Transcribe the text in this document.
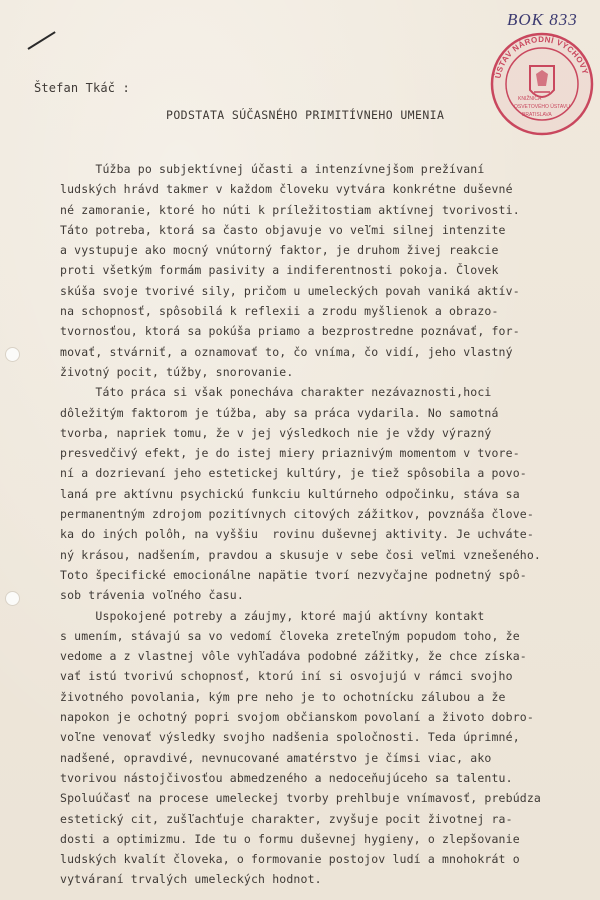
BOK 833
ÚSTAV NÁRODNÍ VÝCHOVY
KNIŽNICA
OSVETOVÉHO ÚSTAVU
BRATISLAVA
Štefan Tkáč :
PODSTATA SÚČASNÉHO PRIMITÍVNEHO UMENIA
Túžba po subjektívnej účasti a intenzívnejšom prežívaní
ludských hrávd takmer v každom človeku vytvára konkrétne duševné
né zamoranie, ktoré ho núti k príležitostiam aktívnej tvorivosti.
Táto potreba, ktorá sa často objavuje vo veľmi silnej intenzite
a vystupuje ako mocný vnútorný faktor, je druhom živej reakcie
proti všetkým formám pasivity a indiferentnosti pokoja. Človek
skúša svoje tvorivé sily, pričom u umeleckých povah vaniká aktív-
na schopnosť, spôsobilá k reflexii a zrodu myšlienok a obrazo-
tvornosťou, ktorá sa pokúša priamo a bezprostredne poznávať, for-
movať, stvárniť, a oznamovať to, čo vníma, čo vidí, jeho vlastný
životný pocit, túžby, snorovanie.
Táto práca si však ponecháva charakter nezávaznosti,hoci
dôležitým faktorom je túžba, aby sa práca vydarila. No samotná
tvorba, napriek tomu, že v jej výsledkoch nie je vždy výrazný
presvedčivý efekt, je do istej miery priaznivým momentom v tvore-
ní a dozrievaní jeho estetickej kultúry, je tiež spôsobila a povo-
laná pre aktívnu psychickú funkciu kultúrneho odpočinku, stáva sa
permanentným zdrojom pozitívnych citových zážitkov, povznáša člove-
ka do iných polôh, na vyššiu  rovinu duševnej aktivity. Je uchváte-
ný krásou, nadšením, pravdou a skusuje v sebe čosi veľmi vznešeného.
Toto špecifické emocionálne napätie tvorí nezvyčajne podnetný spô-
sob trávenia voľného času.
Uspokojené potreby a záujmy, ktoré majú aktívny kontakt
s umením, stávajú sa vo vedomí človeka zreteľným popudom toho, že
vedome a z vlastnej vôle vyhľadáva podobné zážitky, že chce získa-
vať istú tvorivú schopnosť, ktorú iní si osvojujú v rámci svojho
životného povolania, kým pre neho je to ochotnícku zálubou a že
napokon je ochotný popri svojom občianskom povolaní a životo dobro-
voľne venovať výsledky svojho nadšenia spoločnosti. Teda úprimné,
nadšené, opravdivé, nevnucované amatérstvo je čímsi viac, ako
tvorivou nástojčivosťou abmedzeného a nedoceňujúceho sa talentu.
Spoluúčasť na procese umeleckej tvorby prehlbuje vnímavosť, prebúdza
estetický cit, zušľachťuje charakter, zvyšuje pocit životnej ra-
dosti a optimizmu. Ide tu o formu duševnej hygieny, o zlepšovanie
ludských kvalít človeka, o formovanie postojov ludí a mnohokrát o
vytváraní trvalých umeleckých hodnot.
